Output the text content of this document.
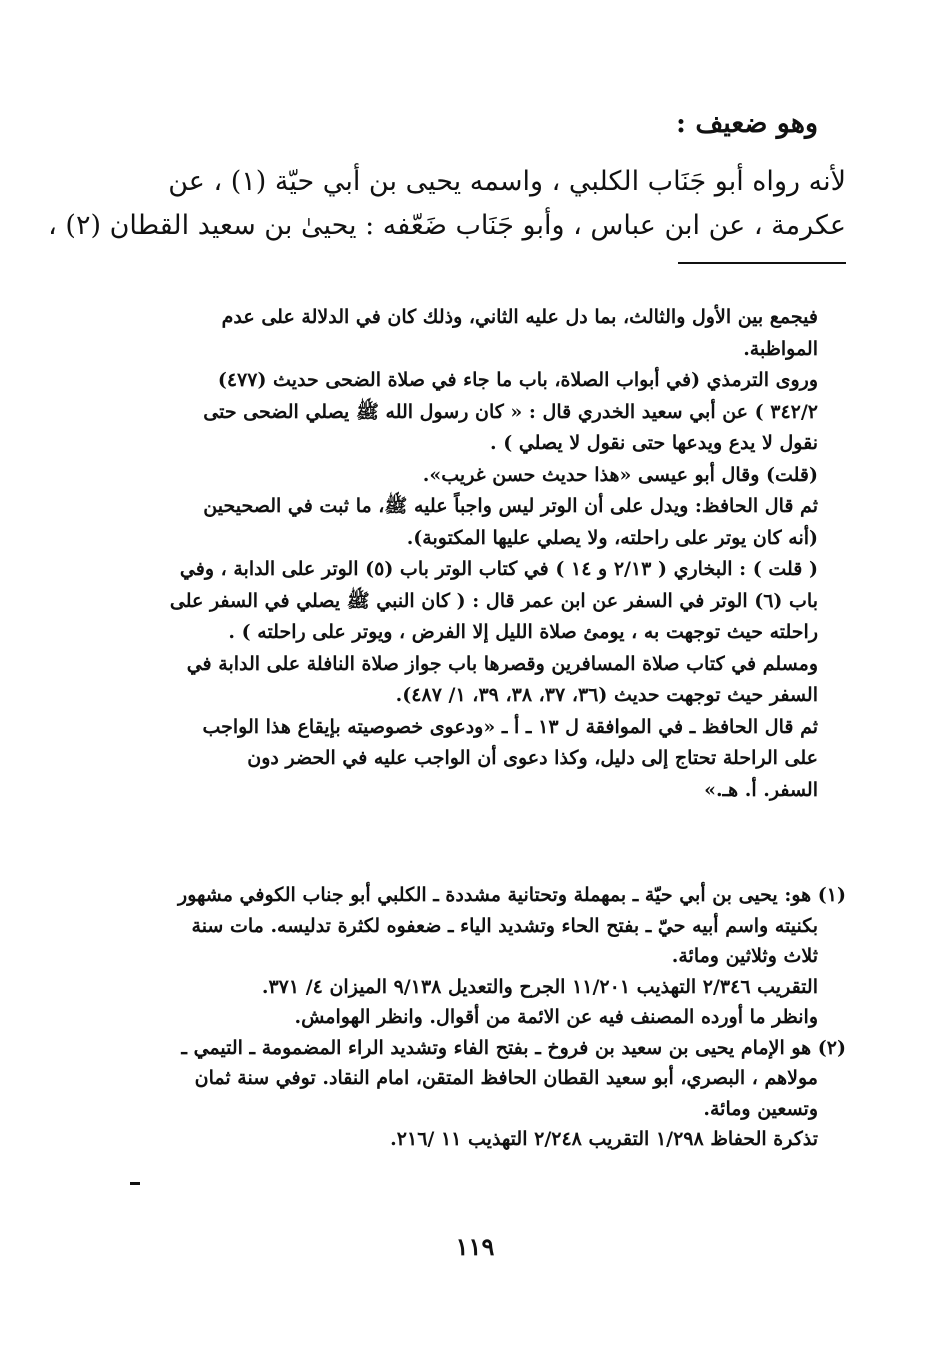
وهو ضعيف :

لأنه رواه أبو جَنَاب الكلبي ، واسمه يحيى بن أبي حيّة (١) ، عن

عكرمة ، عن ابن عباس ، وأبو جَنَاب ضَعّفه : يحيىٰ بن سعيد القطان (٢) ،

فيجمع بين الأول والثالث، بما دل عليه الثاني، وذلك كان في الدلالة على عدم

المواظبة.

وروى الترمذي (في أبواب الصلاة، باب ما جاء في صلاة الضحى حديث (٤٧٧)

٣٤٢/٢ ) عن أبي سعيد الخدري قال : « كان رسول الله ﷺ يصلي الضحى حتى

نقول لا يدع ويدعها حتى نقول لا يصلي ) .

(قلت) وقال أبو عيسى «هذا حديث حسن غريب».

ثم قال الحافظ: ويدل على أن الوتر ليس واجباً عليه ﷺ، ما ثبت في الصحيحين

(أنه كان يوتر على راحلته، ولا يصلي عليها المكتوبة).

( قلت ) : البخاري ( ٢/١٣ و ١٤ ) في كتاب الوتر باب (٥) الوتر على الدابة ، وفي

باب (٦) الوتر في السفر عن ابن عمر قال : ( كان النبي ﷺ يصلي في السفر على

راحلته حيث توجهت به ، يومئ صلاة الليل إلا الفرض ، ويوتر على راحلته ) .

ومسلم في كتاب صلاة المسافرين وقصرها باب جواز صلاة النافلة على الدابة في

السفر حيث توجهت حديث (٣٦، ٣٧، ٣٨، ٣٩، ١/ ٤٨٧).

ثم قال الحافظ ـ في الموافقة ل ١٣ ـ أ ـ «ودعوى خصوصيته بإيقاع هذا الواجب

على الراحلة تحتاج إلى دليل، وكذا دعوى أن الواجب عليه في الحضر دون

السفر. أ. هـ.»

(١) هو: يحيى بن أبي حيّة ـ بمهملة وتحتانية مشددة ـ الكلبي أبو جناب الكوفي مشهور

بكنيته واسم أبيه حيّ ـ بفتح الحاء وتشديد الياء ـ ضعفوه لكثرة تدليسه. مات سنة

ثلاث وثلاثين ومائة.

التقريب ٢/٣٤٦ التهذيب ١١/٢٠١ الجرح والتعديل ٩/١٣٨ الميزان ٤/ ٣٧١.

وانظر ما أورده المصنف فيه عن الائمة من أقوال. وانظر الهوامش.

(٢) هو الإمام يحيى بن سعيد بن فروخ ـ بفتح الفاء وتشديد الراء المضمومة ـ التيمي ـ

مولاهم ، البصري، أبو سعيد القطان الحافظ المتقن، امام النقاد. توفي سنة ثمان

وتسعين ومائة.

تذكرة الحفاظ ١/٢٩٨ التقريب ٢/٢٤٨ التهذيب ١١ /٢١٦.

١١٩
